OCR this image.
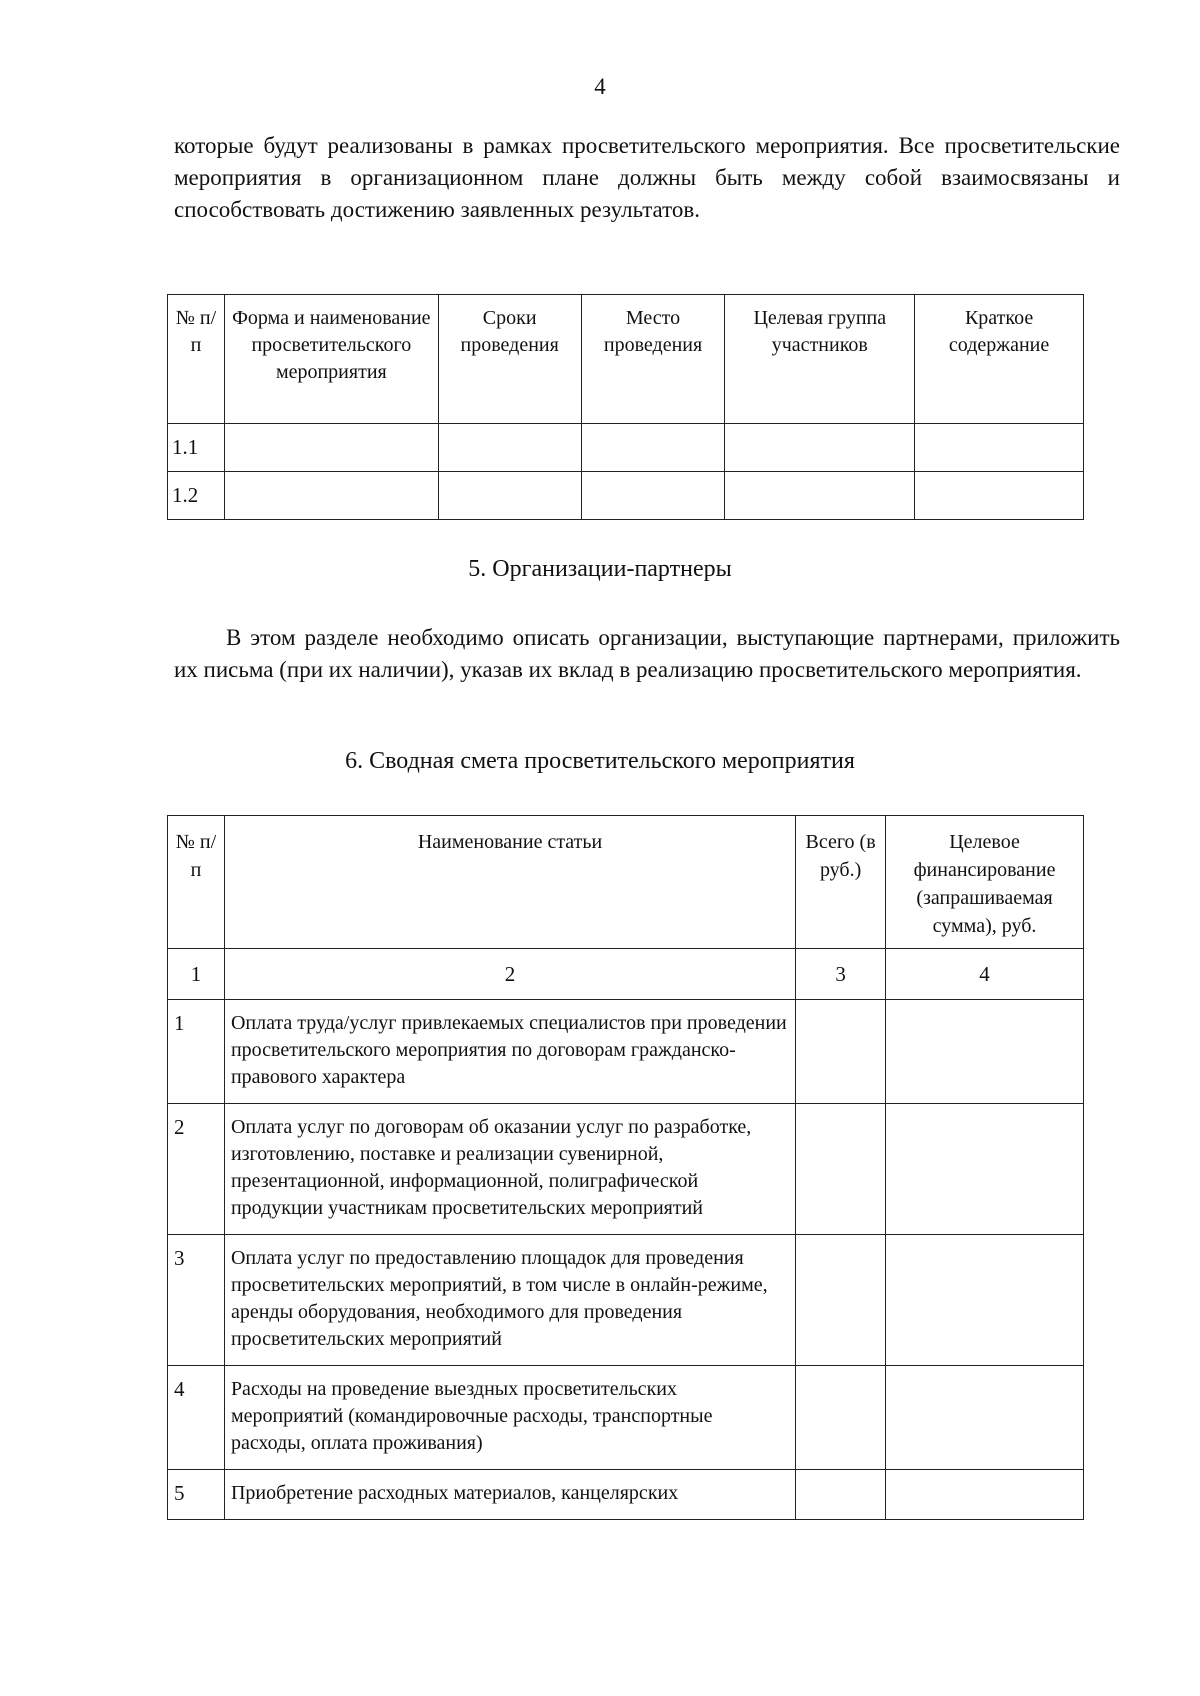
4

которые будут реализованы в рамках просветительского мероприятия. Все просветительские мероприятия в организационном плане должны быть между собой взаимосвязаны и способствовать достижению заявленных результатов.

№ п/п	Форма и наименование просветительского мероприятия	Сроки проведения	Место проведения	Целевая группа участников	Краткое содержание
1.1					
1.2					
5. Организации-партнеры

В этом разделе необходимо описать организации, выступающие партнерами, приложить их письма (при их наличии), указав их вклад в реализацию просветительского мероприятия.

6. Сводная смета просветительского мероприятия
№ п/п	Наименование статьи	Всего (в руб.)	Целевое финансирование (запрашиваемая сумма), руб.
1	2	3	4
1	Оплата труда/услуг привлекаемых специалистов при проведении просветительского мероприятия по договорам гражданско-правового характера		
2	Оплата услуг по договорам об оказании услуг по разработке, изготовлению, поставке и реализации сувенирной, презентационной, информационной, полиграфической продукции участникам просветительских мероприятий		
3	Оплата услуг по предоставлению площадок для проведения просветительских мероприятий, в том числе в онлайн-режиме, аренды оборудования, необходимого для проведения просветительских мероприятий		
4	Расходы на проведение выездных просветительских мероприятий (командировочные расходы, транспортные расходы, оплата проживания)		
5	Приобретение расходных материалов, канцелярских		
